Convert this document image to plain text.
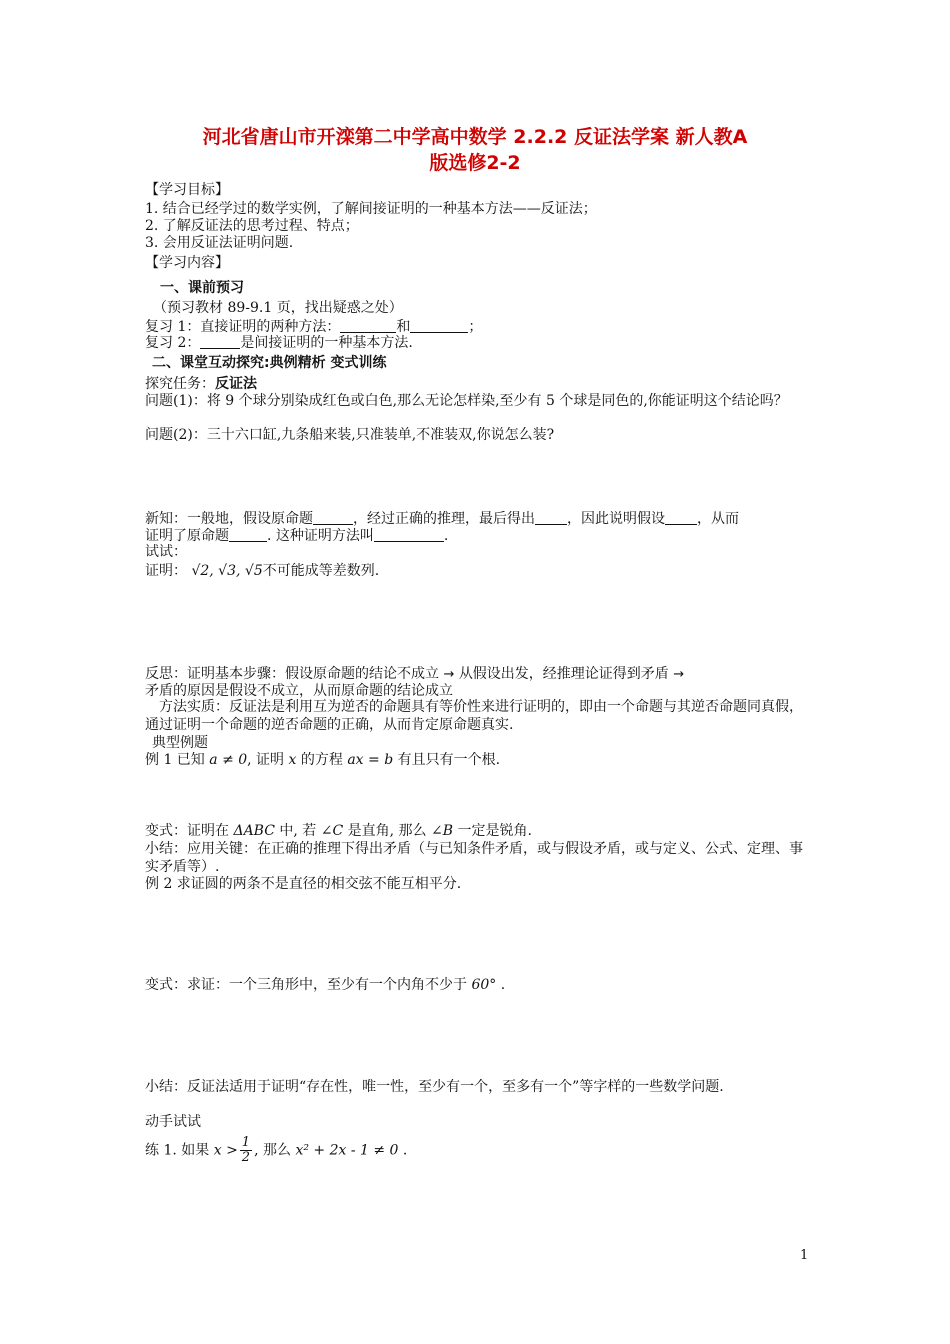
河北省唐山市开滦第二中学高中数学 2.2.2 反证法学案 新人教A
版选修2-2
【学习目标】
1. 结合已经学过的数学实例，了解间接证明的一种基本方法——反证法；
2. 了解反证法的思考过程、特点；
3. 会用反证法证明问题.
【学习内容】
一、课前预习
（预习教材 89-9.1 页，找出疑惑之处）
复习 1：直接证明的两种方法：	和	；
复习 2：	是间接证明的一种基本方法.
二、课堂互动探究:典例精析 变式训练
探究任务：反证法
问题(1)：将 9 个球分别染成红色或白色,那么无论怎样染,至少有 5 个球是同色的,你能证明这个结论吗？
问题(2)：三十六口缸,九条船来装,只准装单,不准装双,你说怎么装?
新知：一般地，假设原命题	，经过正确的推理，最后得出 ，因此说明假设 ，从而
证明了原命题	. 这种证明方法叫	.
试试：
证明： √2, √3, √5不可能成等差数列.
反思：证明基本步骤：假设原命题的结论不成立 → 从假设出发，经推理论证得到矛盾 →
矛盾的原因是假设不成立，从而原命题的结论成立
方法实质：反证法是利用互为逆否的命题具有等价性来进行证明的，即由一个命题与其逆否命题同真假，通过证明一个命题的逆否命题的正确，从而肯定原命题真实.
典型例题
例 1 已知 a ≠ 0, 证明 x 的方程 ax = b 有且只有一个根.
变式：证明在 ΔABC 中, 若 ∠C 是直角, 那么 ∠B 一定是锐角.
小结：应用关键：在正确的推理下得出矛盾（与已知条件矛盾，或与假设矛盾，或与定义、公式、定理、事实矛盾等）.
例 2 求证圆的两条不是直径的相交弦不能互相平分.
变式：求证：一个三角形中，至少有一个内角不少于 60° .
小结：反证法适用于证明“存在性，唯一性，至少有一个，至多有一个”等字样的一些数学问题.
动手试试
练 1. 如果 $x > \frac{1}{2}$ , 那么 x² + 2x - 1 ≠ 0 .
1
